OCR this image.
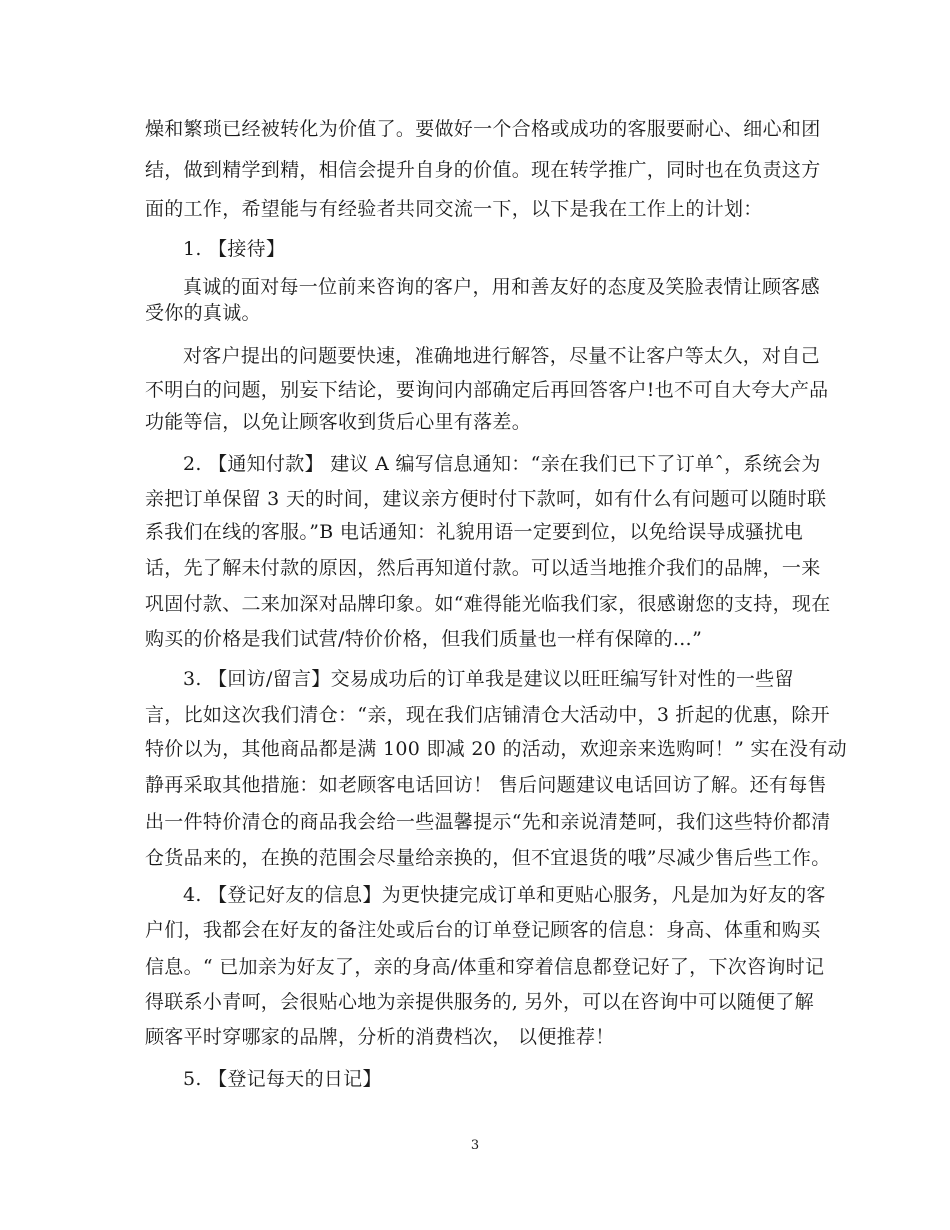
燥和繁琐已经被转化为价值了。要做好一个合格或成功的客服要耐心、细心和团
结，做到精学到精，相信会提升自身的价值。现在转学推广，同时也在负责这方
面的工作，希望能与有经验者共同交流一下，以下是我在工作上的计划：
1. 【接待】
真诚的面对每一位前来咨询的客户，用和善友好的态度及笑脸表情让顾客感
受你的真诚。
对客户提出的问题要快速，准确地进行解答，尽量不让客户等太久，对自己
不明白的问题，别妄下结论，要询问内部确定后再回答客户!也不可自大夸大产品
功能等信，以免让顾客收到货后心里有落差。
2. 【通知付款】 建议 A 编写信息通知：“亲在我们已下了订单ˆ，系统会为
亲把订单保留 3 天的时间，建议亲方便时付下款呵，如有什么有问题可以随时联
系我们在线的客服。”B 电话通知：礼貌用语一定要到位，以免给误导成骚扰电
话，先了解未付款的原因，然后再知道付款。可以适当地推介我们的品牌，一来
巩固付款、二来加深对品牌印象。如“难得能光临我们家，很感谢您的支持，现在
购买的价格是我们试营/特价价格，但我们质量也一样有保障的…”
3. 【回访/留言】交易成功后的订单我是建议以旺旺编写针对性的一些留
言，比如这次我们清仓：“亲，现在我们店铺清仓大活动中，3 折起的优惠，除开
特价以为，其他商品都是满 100 即减 20 的活动，欢迎亲来选购呵！” 实在没有动
静再采取其他措施：如老顾客电话回访！ 售后问题建议电话回访了解。还有每售
出一件特价清仓的商品我会给一些温馨提示“先和亲说清楚呵，我们这些特价都清
仓货品来的，在换的范围会尽量给亲换的，但不宜退货的哦”尽减少售后些工作。
4. 【登记好友的信息】为更快捷完成订单和更贴心服务，凡是加为好友的客
户们，我都会在好友的备注处或后台的订单登记顾客的信息：身高、体重和购买
信息。“ 已加亲为好友了，亲的身高/体重和穿着信息都登记好了，下次咨询时记
得联系小青呵，会很贴心地为亲提供服务的, 另外，可以在咨询中可以随便了解
顾客平时穿哪家的品牌，分析的消费档次， 以便推荐！
5. 【登记每天的日记】
3
